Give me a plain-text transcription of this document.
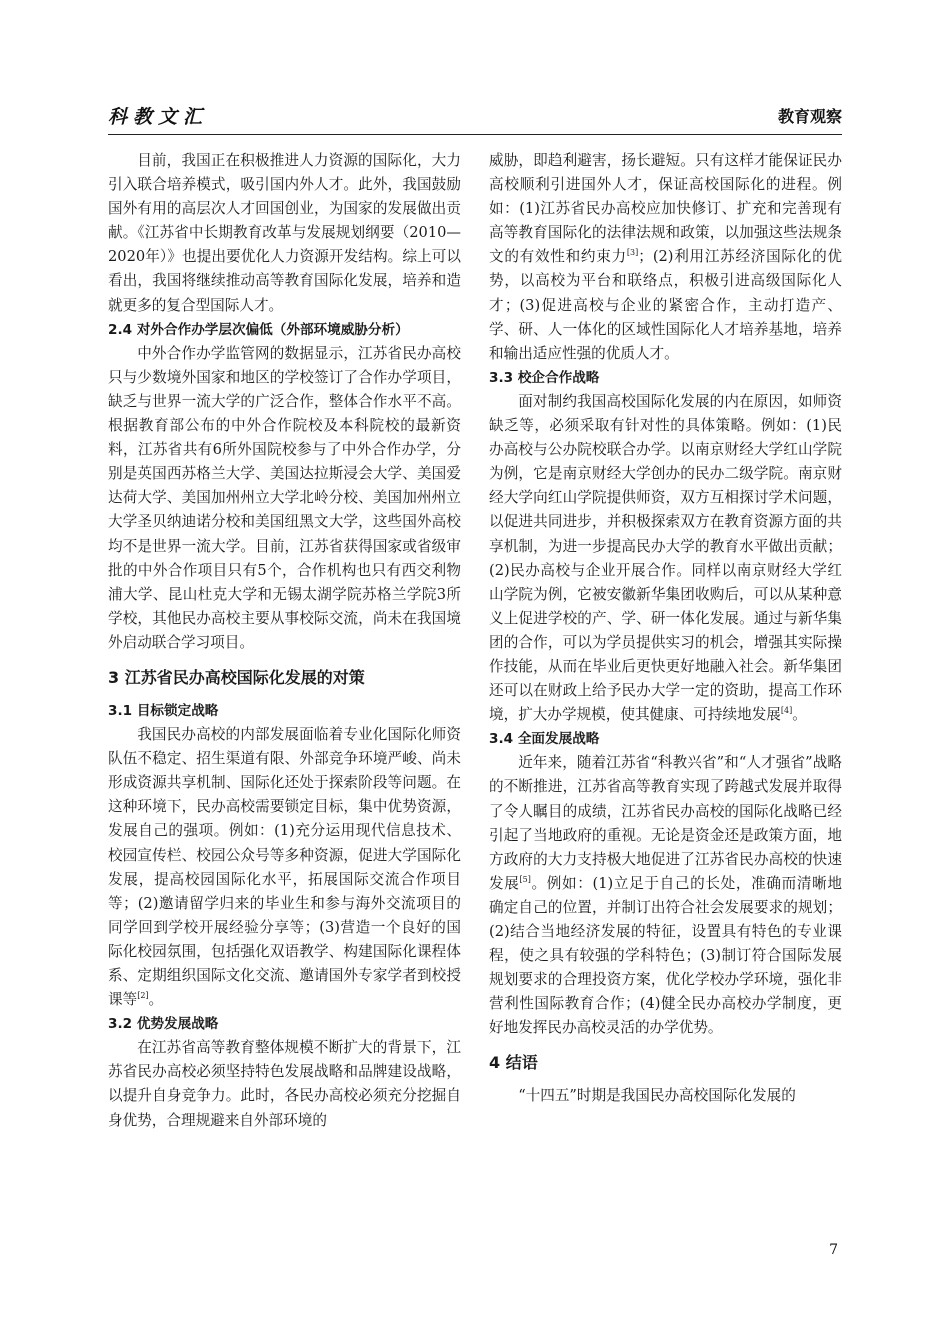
科教文汇	教育观察

目前，我国正在积极推进人力资源的国际化，大力引入联合培养模式，吸引国内外人才。此外，我国鼓励国外有用的高层次人才回国创业，为国家的发展做出贡献。《江苏省中长期教育改革与发展规划纲要（2010—2020年）》也提出要优化人力资源开发结构。综上可以看出，我国将继续推动高等教育国际化发展，培养和造就更多的复合型国际人才。

2.4 对外合作办学层次偏低（外部环境威胁分析）

中外合作办学监管网的数据显示，江苏省民办高校只与少数境外国家和地区的学校签订了合作办学项目，缺乏与世界一流大学的广泛合作，整体合作水平不高。根据教育部公布的中外合作院校及本科院校的最新资料，江苏省共有6所外国院校参与了中外合作办学，分别是英国西苏格兰大学、美国达拉斯浸会大学、美国爱达荷大学、美国加州州立大学北岭分校、美国加州州立大学圣贝纳迪诺分校和美国纽黑文大学，这些国外高校均不是世界一流大学。目前，江苏省获得国家或省级审批的中外合作项目只有5个，合作机构也只有西交利物浦大学、昆山杜克大学和无锡太湖学院苏格兰学院3所学校，其他民办高校主要从事校际交流，尚未在我国境外启动联合学习项目。

3 江苏省民办高校国际化发展的对策
3.1 目标锁定战略

我国民办高校的内部发展面临着专业化国际化师资队伍不稳定、招生渠道有限、外部竞争环境严峻、尚未形成资源共享机制、国际化还处于探索阶段等问题。在这种环境下，民办高校需要锁定目标，集中优势资源，发展自己的强项。例如：(1)充分运用现代信息技术、校园宣传栏、校园公众号等多种资源，促进大学国际化发展，提高校园国际化水平，拓展国际交流合作项目等；(2)邀请留学归来的毕业生和参与海外交流项目的同学回到学校开展经验分享等；(3)营造一个良好的国际化校园氛围，包括强化双语教学、构建国际化课程体系、定期组织国际文化交流、邀请国外专家学者到校授课等[2]。

3.2 优势发展战略

在江苏省高等教育整体规模不断扩大的背景下，江苏省民办高校必须坚持特色发展战略和品牌建设战略，以提升自身竞争力。此时，各民办高校必须充分挖掘自身优势，合理规避来自外部环境的

威胁，即趋利避害，扬长避短。只有这样才能保证民办高校顺利引进国外人才，保证高校国际化的进程。例如：(1)江苏省民办高校应加快修订、扩充和完善现有高等教育国际化的法律法规和政策，以加强这些法规条文的有效性和约束力[3]；(2)利用江苏经济国际化的优势，以高校为平台和联络点，积极引进高级国际化人才；(3)促进高校与企业的紧密合作，主动打造产、学、研、人一体化的区域性国际化人才培养基地，培养和输出适应性强的优质人才。

3.3 校企合作战略

面对制约我国高校国际化发展的内在原因，如师资缺乏等，必须采取有针对性的具体策略。例如：(1)民办高校与公办院校联合办学。以南京财经大学红山学院为例，它是南京财经大学创办的民办二级学院。南京财经大学向红山学院提供师资，双方互相探讨学术问题，以促进共同进步，并积极探索双方在教育资源方面的共享机制，为进一步提高民办大学的教育水平做出贡献；(2)民办高校与企业开展合作。同样以南京财经大学红山学院为例，它被安徽新华集团收购后，可以从某种意义上促进学校的产、学、研一体化发展。通过与新华集团的合作，可以为学员提供实习的机会，增强其实际操作技能，从而在毕业后更快更好地融入社会。新华集团还可以在财政上给予民办大学一定的资助，提高工作环境，扩大办学规模，使其健康、可持续地发展[4]。

3.4 全面发展战略

近年来，随着江苏省“科教兴省”和“人才强省”战略的不断推进，江苏省高等教育实现了跨越式发展并取得了令人瞩目的成绩，江苏省民办高校的国际化战略已经引起了当地政府的重视。无论是资金还是政策方面，地方政府的大力支持极大地促进了江苏省民办高校的快速发展[5]。例如：(1)立足于自己的长处，准确而清晰地确定自己的位置，并制订出符合社会发展要求的规划；(2)结合当地经济发展的特征，设置具有特色的专业课程，使之具有较强的学科特色；(3)制订符合国际发展规划要求的合理投资方案，优化学校办学环境，强化非营利性国际教育合作；(4)健全民办高校办学制度，更好地发挥民办高校灵活的办学优势。

4 结语

“十四五”时期是我国民办高校国际化发展的

7
